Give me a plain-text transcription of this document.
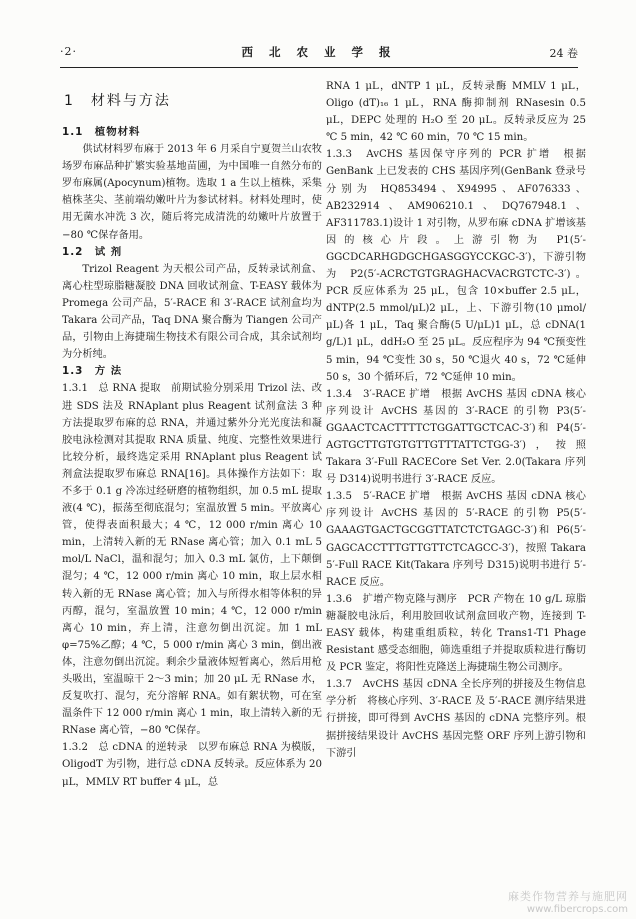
·2·	西 北 农 业 学 报	24 卷
1　材料与方法
1.1　植物材料

供试材料罗布麻于 2013 年 6 月采自宁夏贺兰山农牧场罗布麻品种扩繁实验基地苗圃，为中国唯一自然分布的罗布麻属(Apocynum)植物。选取 1 a 生以上植株，采集植株茎尖、茎前端幼嫩叶片为参试材料。材料处理时，使用无菌水冲洗 3 次，随后将完成清洗的幼嫩叶片放置于 −80 ℃保存备用。

1.2　试 剂

Trizol Reagent 为天根公司产品，反转录试剂盒、离心柱型琼脂糖凝胶 DNA 回收试剂盒、T-EASY 载体为 Promega 公司产品，5′-RACE 和 3′-RACE 试剂盒均为 Takara 公司产品，Taq DNA 聚合酶为 Tiangen 公司产品，引物由上海捷瑞生物技术有限公司合成，其余试剂均为分析纯。

1.3　方 法

1.3.1　总 RNA 提取　前期试验分别采用 Trizol 法、改进 SDS 法及 RNAplant plus Reagent 试剂盒法 3 种方法提取罗布麻的总 RNA，并通过紫外分光光度法和凝胶电泳检测对其提取 RNA 质量、纯度、完整性效果进行比较分析，最终选定采用 RNAplant plus Reagent 试剂盒法提取罗布麻总 RNA[16]。具体操作方法如下：取不多于 0.1 g 冷冻过经研磨的植物组织，加 0.5 mL 提取液(4 ℃)，振荡至彻底混匀；室温放置 5 min。平放离心管，使得表面积最大；4 ℃，12 000 r/min 离心 10 min，上清转入新的无 RNase 离心管；加入 0.1 mL 5 mol/L NaCl，温和混匀；加入 0.3 mL 氯仿，上下颠倒混匀；4 ℃，12 000 r/min 离心 10 min，取上层水相转入新的无 RNase 离心管；加入与所得水相等体积的异丙醇，混匀，室温放置 10 min；4 ℃，12 000 r/min 离心 10 min，弃上清，注意勿倒出沉淀。加 1 mL φ=75%乙醇；4 ℃，5 000 r/min 离心 3 min，倒出液体，注意勿倒出沉淀。剩余少量液体短暂离心，然后用枪头吸出，室温晾干 2～3 min；加 20 μL 无 RNase 水，反复吹打、混匀，充分溶解 RNA。如有絮状物，可在室温条件下 12 000 r/min 离心 1 min，取上清转入新的无 RNase 离心管，−80 ℃保存。

1.3.2　总 cDNA 的逆转录　以罗布麻总 RNA 为模版，OligodT 为引物，进行总 cDNA 反转录。反应体系为 20 μL，MMLV RT buffer 4 μL，总

RNA 1 μL，dNTP 1 μL，反转录酶 MMLV 1 μL，Oligo (dT)₁₆ 1 μL，RNA 酶抑制剂 RNasesin 0.5 μL，DEPC 处理的 H₂O 至 20 μL。反转录反应为 25 ℃ 5 min，42 ℃ 60 min，70 ℃ 15 min。

1.3.3　AvCHS 基因保守序列的 PCR 扩增　根据 GenBank 上已发表的 CHS 基因序列(GenBank 登录号分别为 HQ853494、X94995、AF076333、AB232914、AM906210.1、DQ767948.1、AF311783.1)设计 1 对引物，从罗布麻 cDNA 扩增该基因的核心片段。上游引物为 P1(5′-GGCDCARHGDGCHGASGGYCCKGC-3′)，下游引物为 P2(5′-ACRCTGTGRAGHACVACRGTCTC-3′)。PCR 反应体系为 25 μL，包含 10×buffer 2.5 μL，dNTP(2.5 mmol/μL)2 μL，上、下游引物(10 μmol/μL)各 1 μL，Taq 聚合酶(5 U/μL)1 μL，总 cDNA(1 g/L)1 μL，ddH₂O 至 25 μL。反应程序为 94 ℃预变性 5 min，94 ℃变性 30 s，50 ℃退火 40 s，72 ℃延伸 50 s，30 个循环后，72 ℃延伸 10 min。

1.3.4　3′-RACE 扩增　根据 AvCHS 基因 cDNA 核心序列设计 AvCHS 基因的 3′-RACE 的引物 P3(5′-GGAACTCACTTTTCTGGATTGCTCAC-3′)和 P4(5′-AGTGCTTGTGTGTTGTTTATTCTGG-3′)，按照 Takara 3′-Full RACECore Set Ver. 2.0(Takara 序列号 D314)说明书进行 3′-RACE 反应。

1.3.5　5′-RACE 扩增　根据 AvCHS 基因 cDNA 核心序列设计 AvCHS 基因的 5′-RACE 的引物 P5(5′-GAAAGTGACTGCGGTTATCTCTGAGC-3′)和 P6(5′-GAGCACCTTTGTTGTTCTCAGCC-3′)，按照 Takara 5′-Full RACE Kit(Takara 序列号 D315)说明书进行 5′-RACE 反应。

1.3.6　扩增产物克隆与测序　PCR 产物在 10 g/L 琼脂糖凝胶电泳后，利用胶回收试剂盒回收产物，连接到 T-EASY 载体，构建重组质粒，转化 Trans1-T1 Phage Resistant 感受态细胞，筛选重组子并提取质粒进行酶切及 PCR 鉴定，将阳性克隆送上海捷瑞生物公司测序。

1.3.7　AvCHS 基因 cDNA 全长序列的拼接及生物信息学分析　将核心序列、3′-RACE 及 5′-RACE 测序结果进行拼接，即可得到 AvCHS 基因的 cDNA 完整序列。根据拼接结果设计 AvCHS 基因完整 ORF 序列上游引物和下游引

麻类作物营养与施肥网
www.fibercrops.com
